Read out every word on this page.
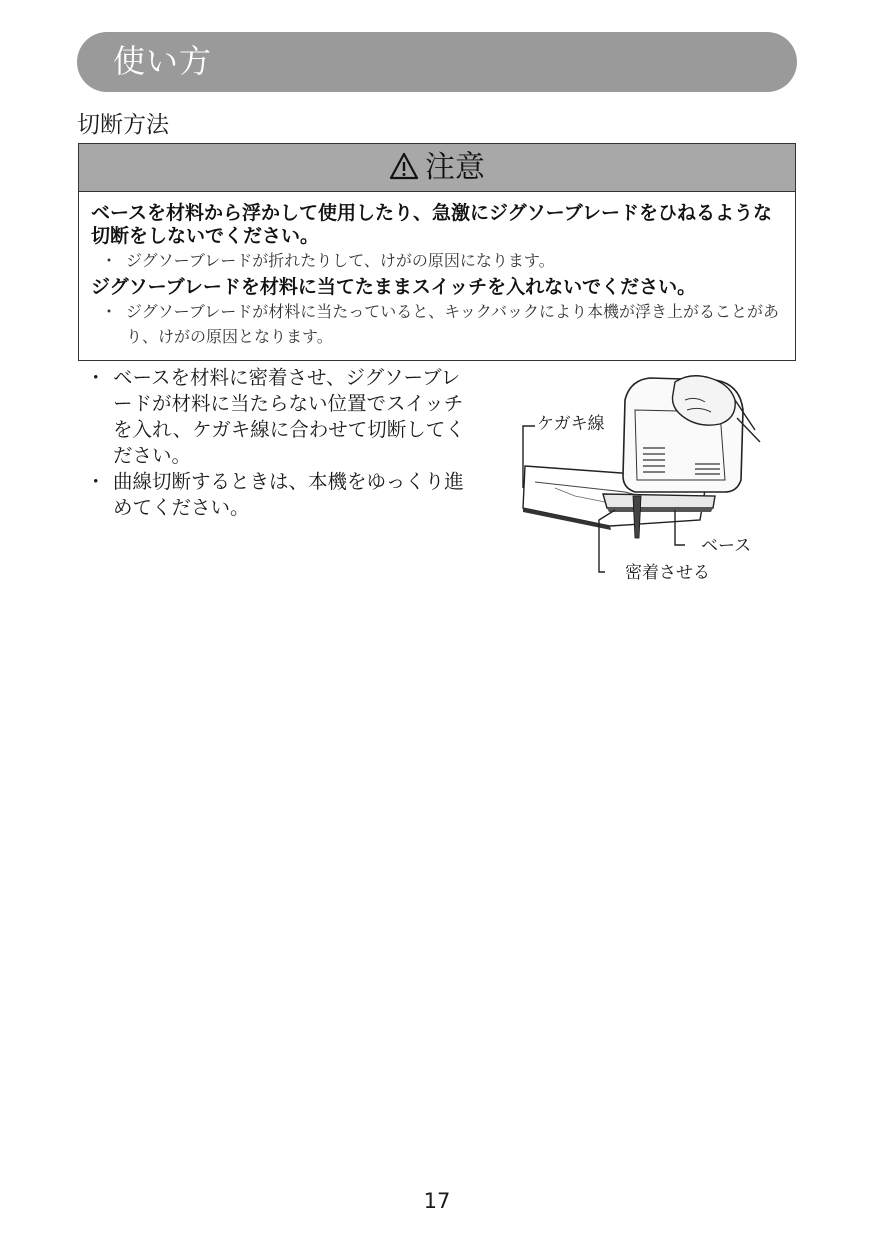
使い方
切断方法
注意
ベースを材料から浮かして使用したり、急激にジグソーブレードをひねるような切断をしないでください。
・ ジグソーブレードが折れたりして、けがの原因になります。
ジグソーブレードを材料に当てたままスイッチを入れないでください。
・ ジグソーブレードが材料に当たっていると、キックバックにより本機が浮き上がることがあり、けがの原因となります。
・ ベースを材料に密着させ、ジグソーブレードが材料に当たらない位置でスイッチを入れ、ケガキ線に合わせて切断してください。
・ 曲線切断するときは、本機をゆっくり進めてください。
ケガキ線
ベース
密着させる
17
